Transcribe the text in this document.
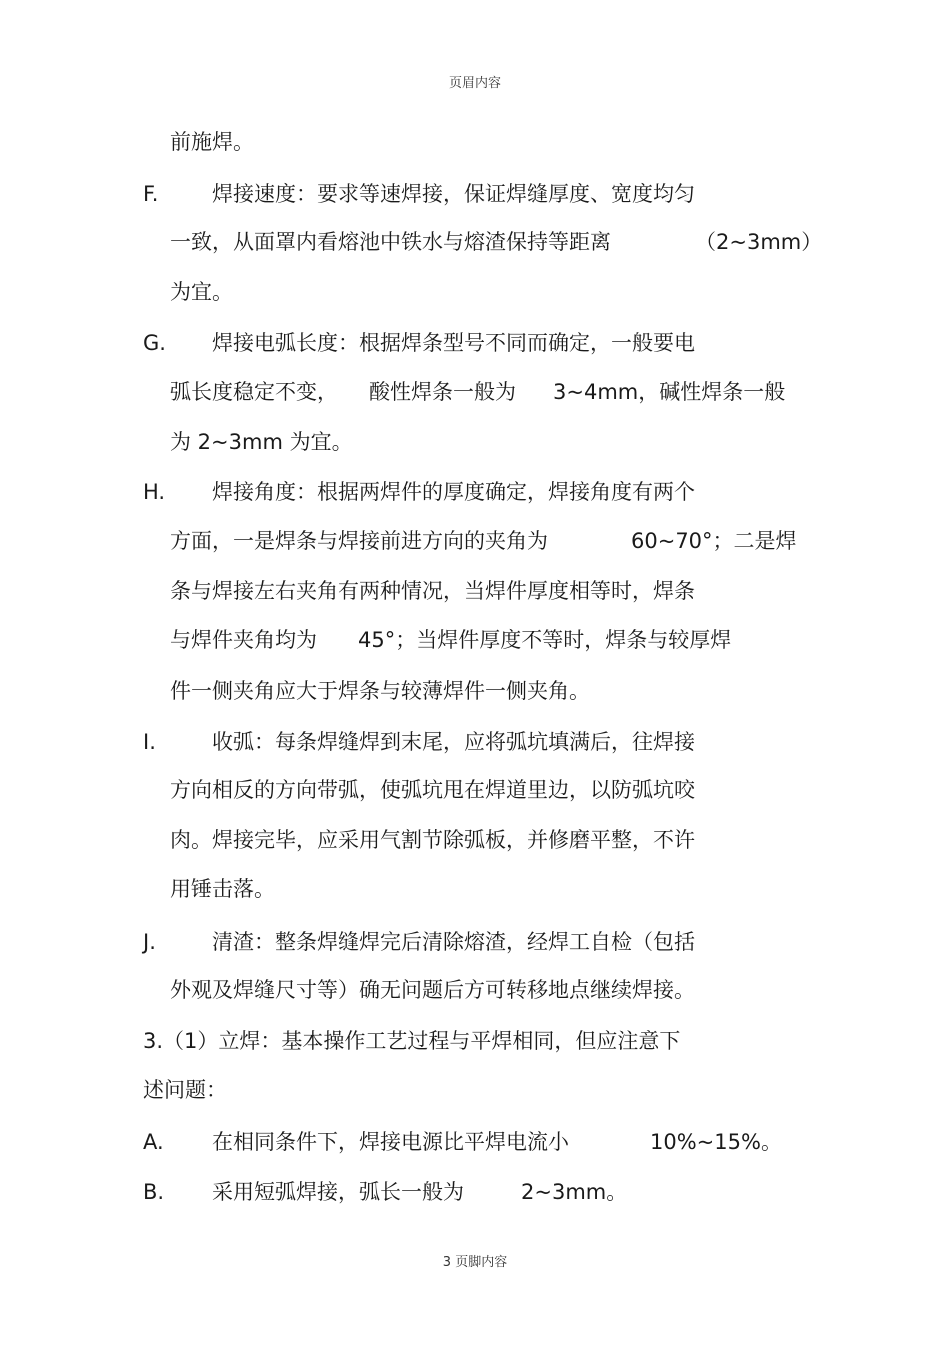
页眉内容
前施焊。
F.	焊接速度：要求等速焊接，保证焊缝厚度、宽度均匀
一致，从面罩内看熔池中铁水与熔渣保持等距离	（2~3mm）
为宜。
G. 焊接电弧长度：根据焊条型号不同而确定，一般要电
弧长度稳定不变， 酸性焊条一般为 3~4mm，碱性焊条一般
为 2~3mm 为宜。
H. 焊接角度：根据两焊件的厚度确定，焊接角度有两个
方面，一是焊条与焊接前进方向的夹角为	60~70°；二是焊
条与焊接左右夹角有两种情况，当焊件厚度相等时，焊条
与焊件夹角均为 45°；当焊件厚度不等时，焊条与较厚焊
件一侧夹角应大于焊条与较薄焊件一侧夹角。
I.	收弧：每条焊缝焊到末尾，应将弧坑填满后，往焊接
方向相反的方向带弧，使弧坑甩在焊道里边，以防弧坑咬
肉。焊接完毕，应采用气割节除弧板，并修磨平整，不许
用锤击落。
J.	清渣：整条焊缝焊完后清除熔渣，经焊工自检（包括
外观及焊缝尺寸等）确无问题后方可转移地点继续焊接。
3.（1）立焊：基本操作工艺过程与平焊相同，但应注意下
述问题：
A. 在相同条件下，焊接电源比平焊电流小	10%~15%。
B. 采用短弧焊接，弧长一般为	2~3mm。
3 页脚内容
